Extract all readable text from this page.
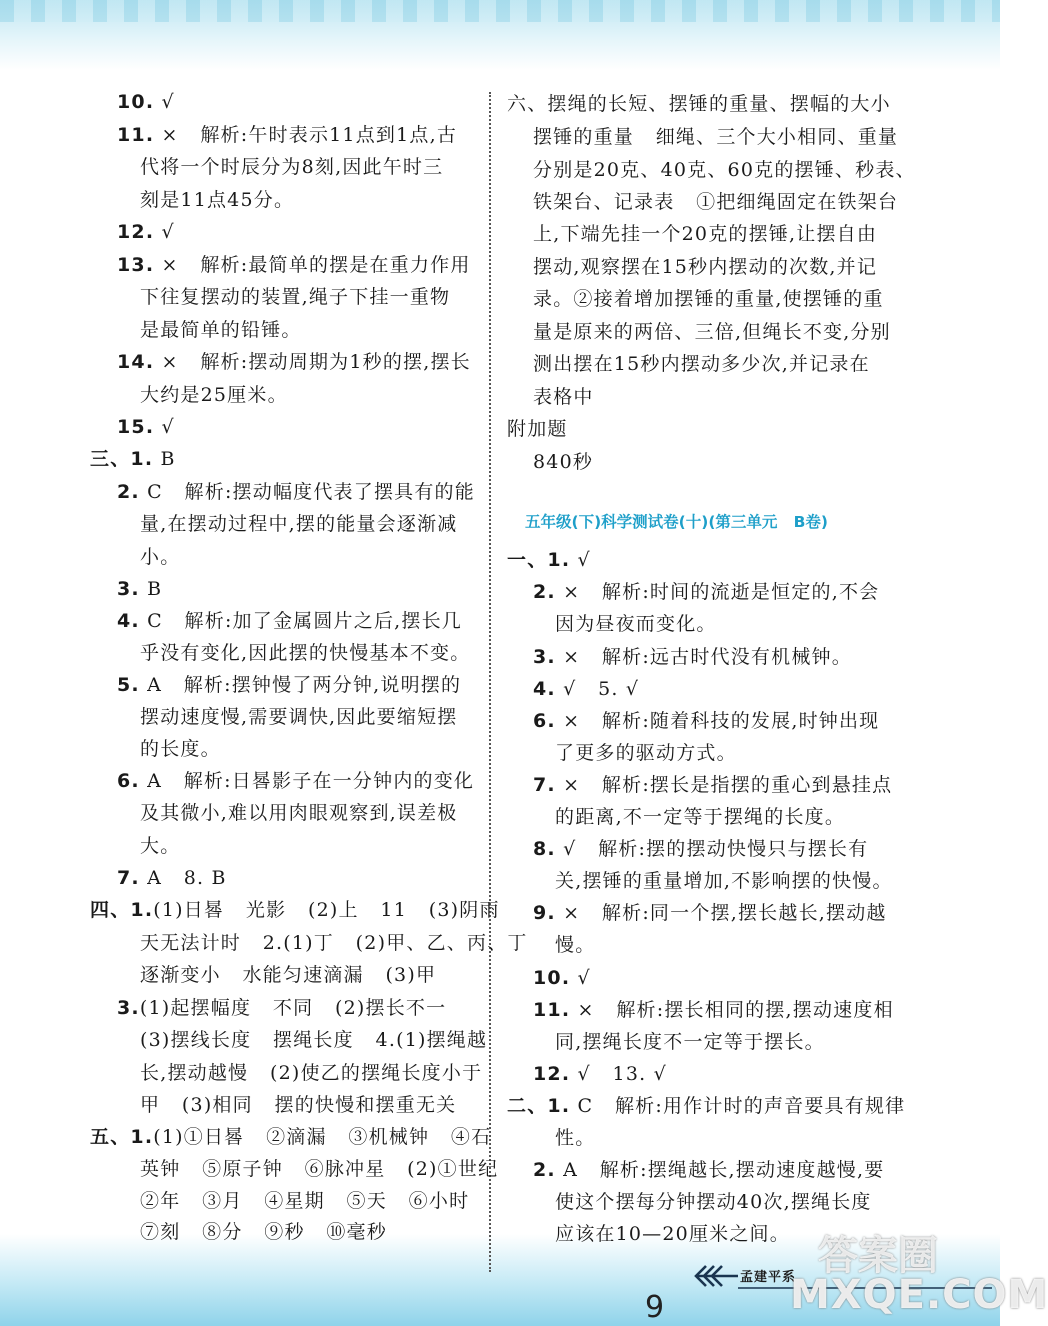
10. √
11. ×   解析:午时表示11点到1点,古
代将一个时辰分为8刻,因此午时三
刻是11点45分。
12. √
13. ×   解析:最简单的摆是在重力作用
下往复摆动的装置,绳子下挂一重物
是最简单的铅锤。
14. ×   解析:摆动周期为1秒的摆,摆长
大约是25厘米。
15. √
三、1. B
2. C   解析:摆动幅度代表了摆具有的能
量,在摆动过程中,摆的能量会逐渐减
小。
3. B
4. C   解析:加了金属圆片之后,摆长几
乎没有变化,因此摆的快慢基本不变。
5. A   解析:摆钟慢了两分钟,说明摆的
摆动速度慢,需要调快,因此要缩短摆
的长度。
6. A   解析:日晷影子在一分钟内的变化
及其微小,难以用肉眼观察到,误差极
大。
7. A   8. B
四、1.(1)日晷   光影   (2)上   11   (3)阴雨
天无法计时   2.(1)丁   (2)甲、乙、丙、丁
逐渐变小   水能匀速滴漏   (3)甲
3.(1)起摆幅度   不同   (2)摆长不一
(3)摆线长度   摆绳长度   4.(1)摆绳越
长,摆动越慢   (2)使乙的摆绳长度小于
甲   (3)相同   摆的快慢和摆重无关
五、1.(1)①日晷   ②滴漏   ③机械钟   ④石
英钟   ⑤原子钟   ⑥脉冲星   (2)①世纪
②年   ③月   ④星期   ⑤天   ⑥小时
⑦刻   ⑧分   ⑨秒   ⑩毫秒
六、摆绳的长短、摆锤的重量、摆幅的大小
摆锤的重量   细绳、三个大小相同、重量
分别是20克、40克、60克的摆锤、秒表、
铁架台、记录表   ①把细绳固定在铁架台
上,下端先挂一个20克的摆锤,让摆自由
摆动,观察摆在15秒内摆动的次数,并记
录。②接着增加摆锤的重量,使摆锤的重
量是原来的两倍、三倍,但绳长不变,分别
测出摆在15秒内摆动多少次,并记录在
表格中
附加题
840秒
五年级(下)科学测试卷(十)(第三单元   B卷)
一、1. √
2. ×   解析:时间的流逝是恒定的,不会
因为昼夜而变化。
3. ×   解析:远古时代没有机械钟。
4. √   5. √
6. ×   解析:随着科技的发展,时钟出现
了更多的驱动方式。
7. ×   解析:摆长是指摆的重心到悬挂点
的距离,不一定等于摆绳的长度。
8. √   解析:摆的摆动快慢只与摆长有
关,摆锤的重量增加,不影响摆的快慢。
9. ×   解析:同一个摆,摆长越长,摆动越
慢。
10. √
11. ×   解析:摆长相同的摆,摆动速度相
同,摆绳长度不一定等于摆长。
12. √   13. √
二、1. C   解析:用作计时的声音要具有规律
性。
2. A   解析:摆绳越长,摆动速度越慢,要
使这个摆每分钟摆动40次,摆绳长度
应该在10—20厘米之间。
孟建平系 答案圈
MXQE.COM
9
